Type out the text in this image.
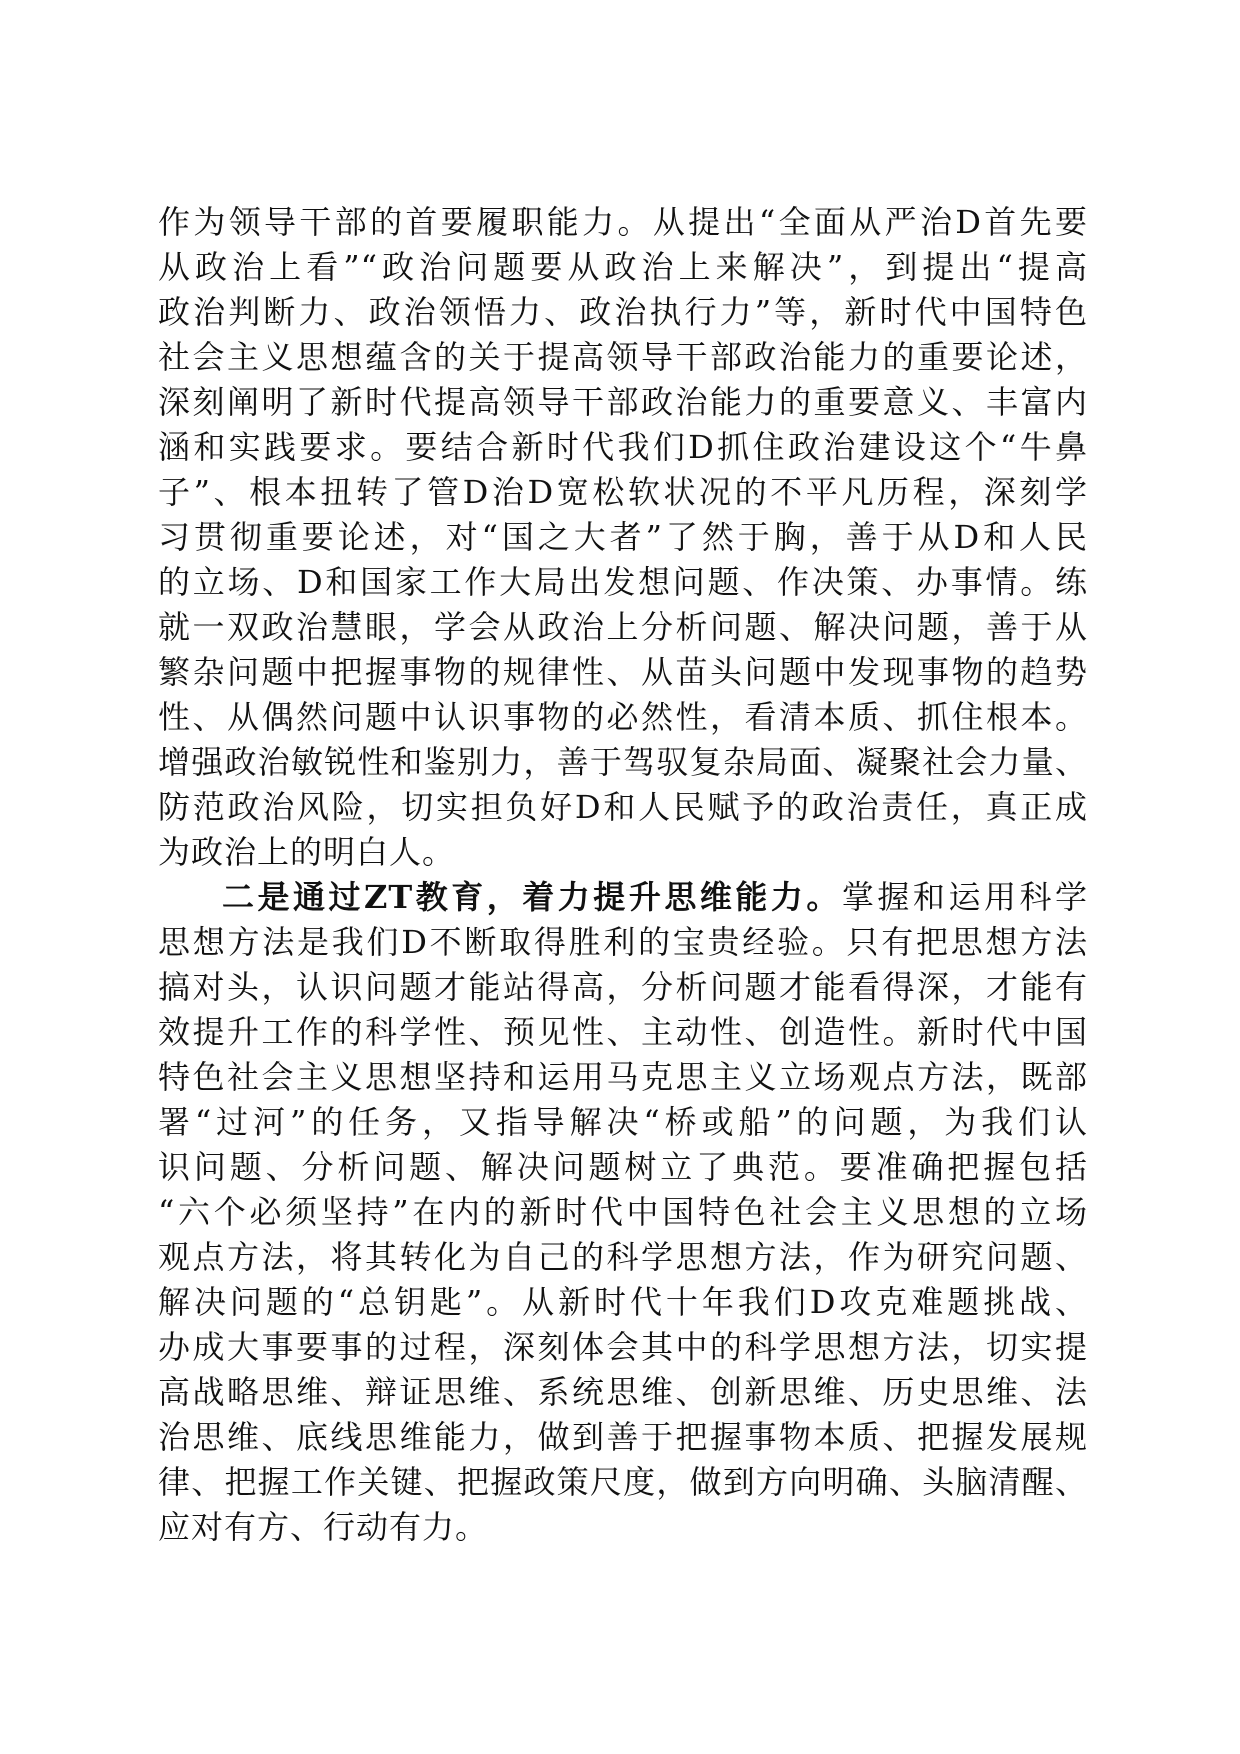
作为领导干部的首要履职能力。从提出“全面从严治D首先要
从政治上看”“政治问题要从政治上来解决”，到提出“提高
政治判断力、政治领悟力、政治执行力”等，新时代中国特色
社会主义思想蕴含的关于提高领导干部政治能力的重要论述，
深刻阐明了新时代提高领导干部政治能力的重要意义、丰富内
涵和实践要求。要结合新时代我们D抓住政治建设这个“牛鼻
子”、根本扭转了管D治D宽松软状况的不平凡历程，深刻学
习贯彻重要论述，对“国之大者”了然于胸，善于从D和人民
的立场、D和国家工作大局出发想问题、作决策、办事情。练
就一双政治慧眼，学会从政治上分析问题、解决问题，善于从
繁杂问题中把握事物的规律性、从苗头问题中发现事物的趋势
性、从偶然问题中认识事物的必然性，看清本质、抓住根本。
增强政治敏锐性和鉴别力，善于驾驭复杂局面、凝聚社会力量、
防范政治风险，切实担负好D和人民赋予的政治责任，真正成
为政治上的明白人。
二是通过ZT教育，着力提升思维能力。掌握和运用科学
思想方法是我们D不断取得胜利的宝贵经验。只有把思想方法
搞对头，认识问题才能站得高，分析问题才能看得深，才能有
效提升工作的科学性、预见性、主动性、创造性。新时代中国
特色社会主义思想坚持和运用马克思主义立场观点方法，既部
署“过河”的任务，又指导解决“桥或船”的问题，为我们认
识问题、分析问题、解决问题树立了典范。要准确把握包括
“六个必须坚持”在内的新时代中国特色社会主义思想的立场
观点方法，将其转化为自己的科学思想方法，作为研究问题、
解决问题的“总钥匙”。从新时代十年我们D攻克难题挑战、
办成大事要事的过程，深刻体会其中的科学思想方法，切实提
高战略思维、辩证思维、系统思维、创新思维、历史思维、法
治思维、底线思维能力，做到善于把握事物本质、把握发展规
律、把握工作关键、把握政策尺度，做到方向明确、头脑清醒、
应对有方、行动有力。
